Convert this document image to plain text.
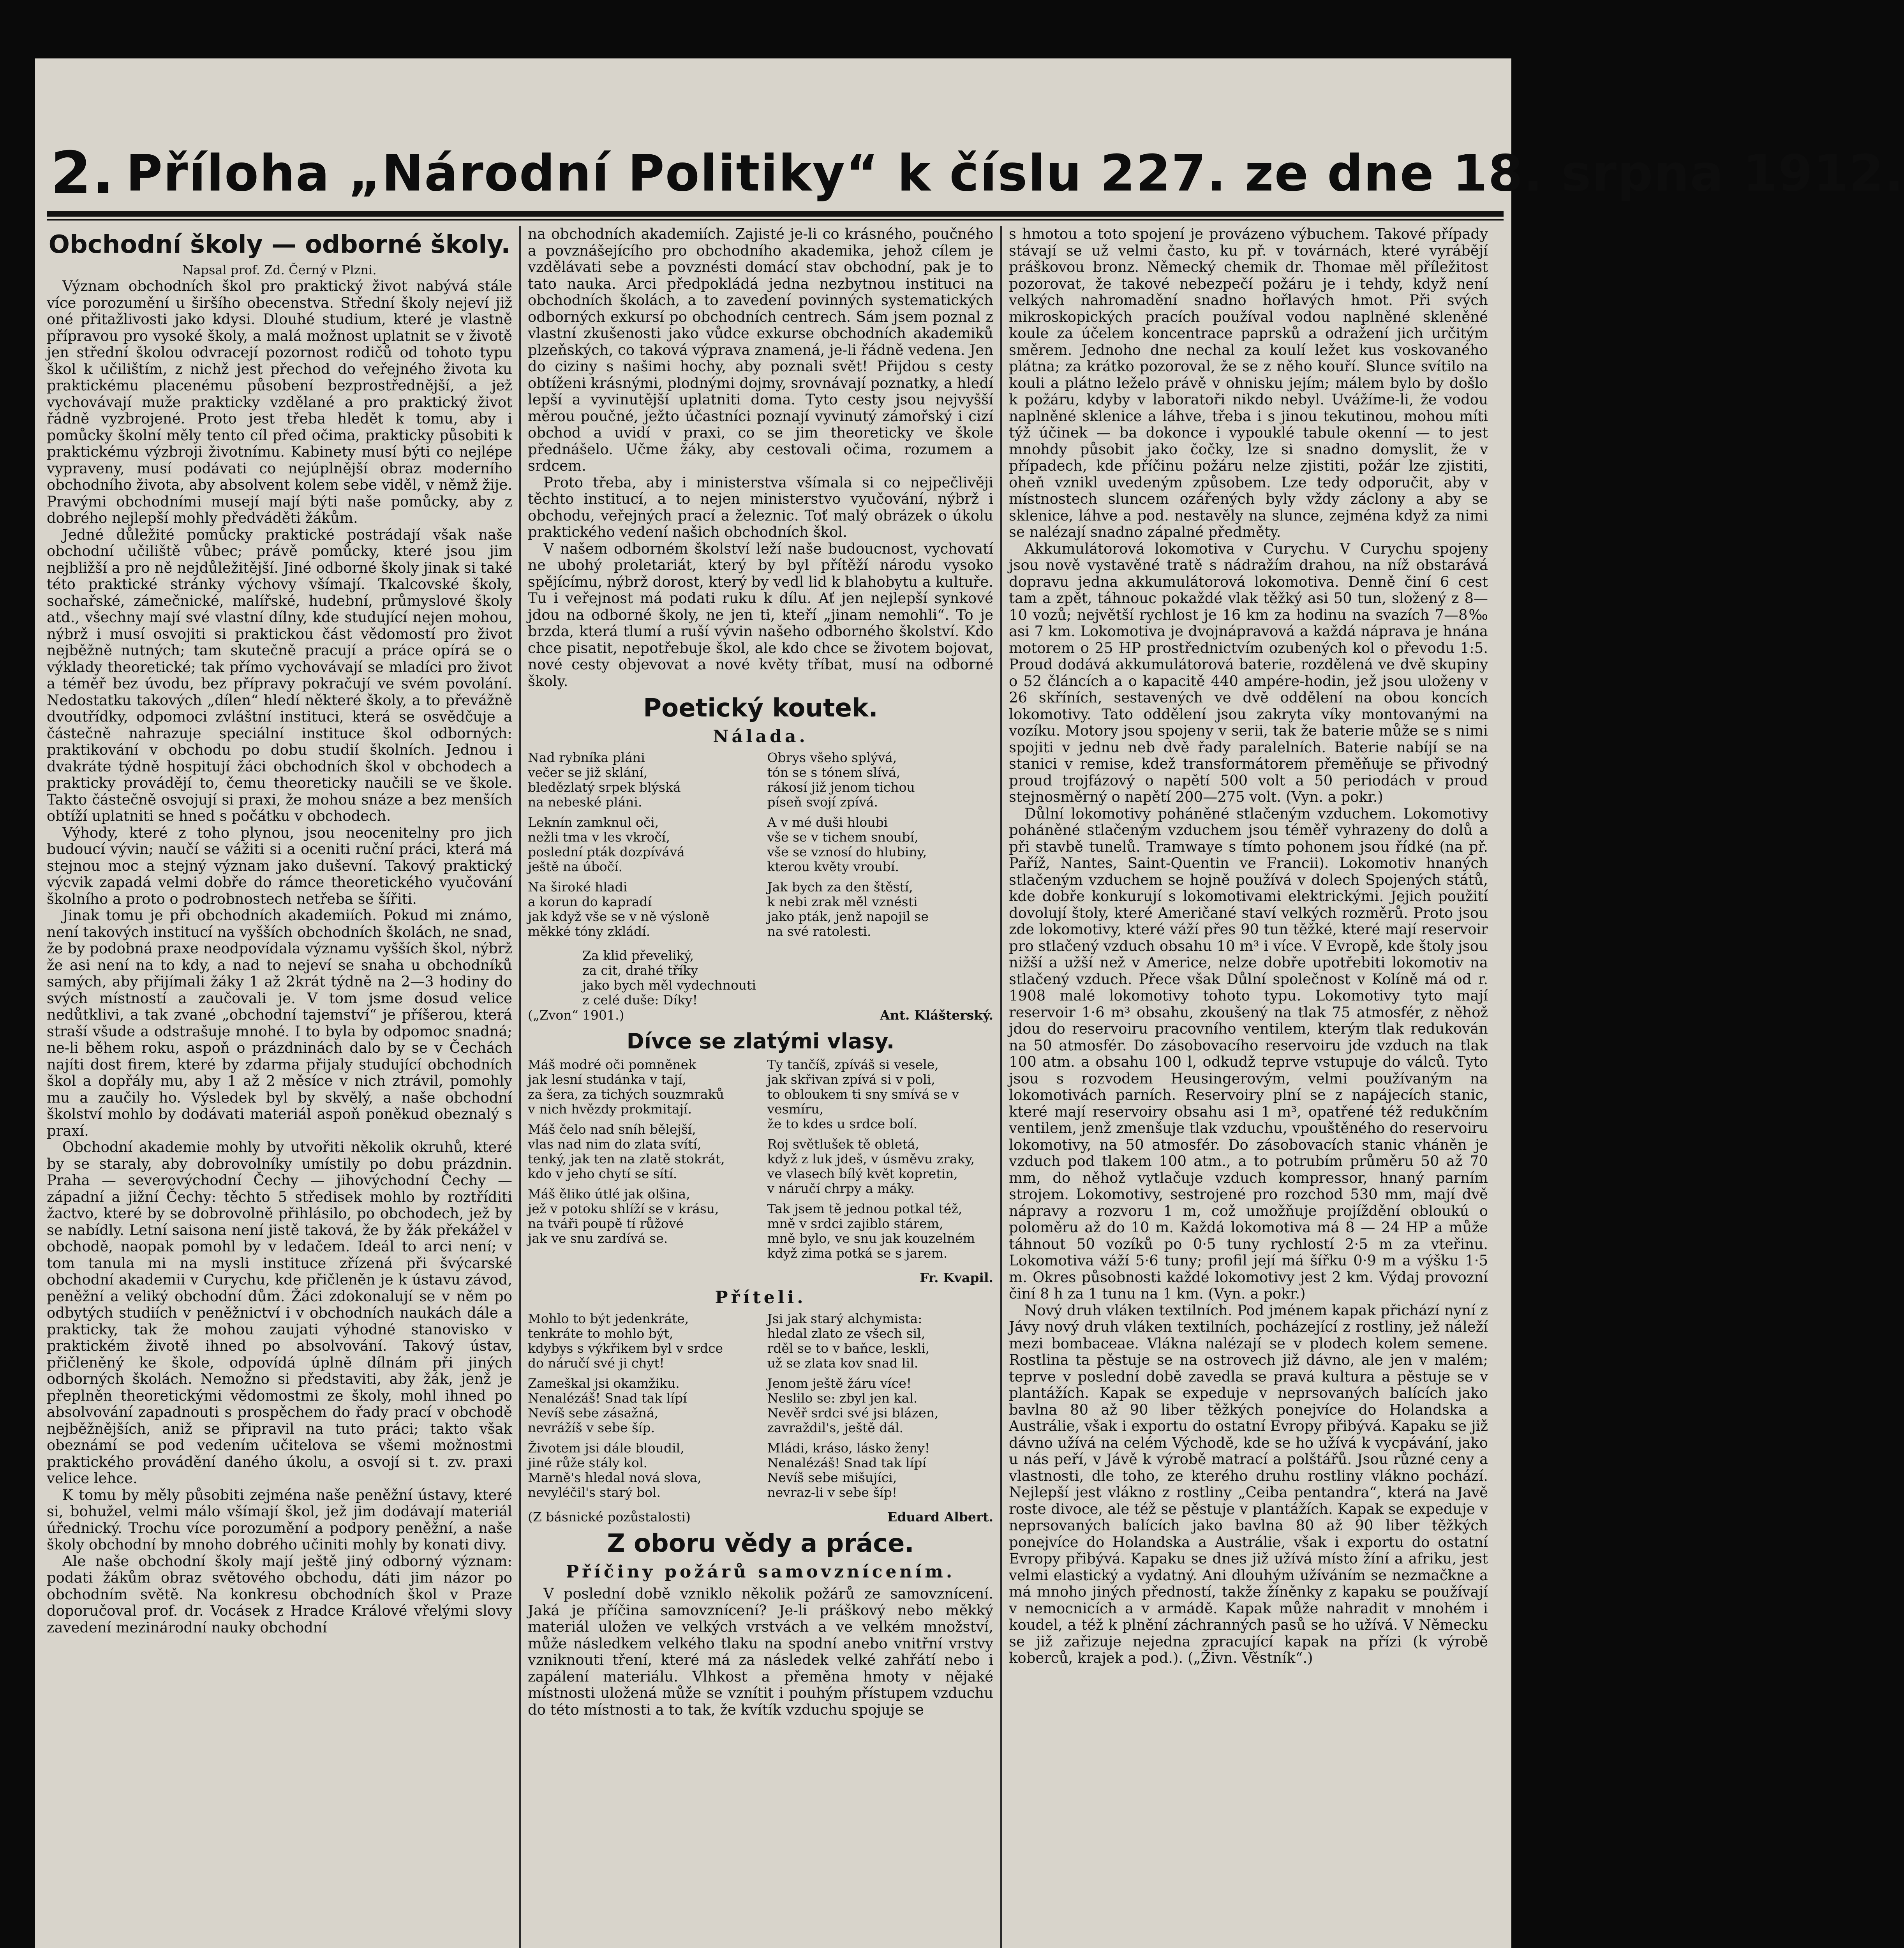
2. Příloha „Národní Politiky“ k číslu 227. ze dne 18. srpna 1912.
Obchodní školy — odborné školy.
Napsal prof. Zd. Černý v Plzni.

Význam obchodních škol pro praktický život nabývá stále více porozumění u širšího obecenstva. Střední školy nejeví již oné přitažlivosti jako kdysi. Dlouhé studium, které je vlastně přípravou pro vysoké školy, a malá možnost uplatnit se v životě jen střední školou odvracejí pozornost rodičů od tohoto typu škol k učilištím, z nichž jest přechod do veřejného života ku praktickému placenému působení bezprostřednější, a jež vychovávají muže prakticky vzdělané a pro praktický život řádně vyzbrojené. Proto jest třeba hledět k tomu, aby i pomůcky školní měly tento cíl před očima, prakticky působiti k praktickému výzbroji životnímu. Kabinety musí býti co nejlépe vypraveny, musí podávati co nejúplnější obraz moderního obchodního života, aby absolvent kolem sebe viděl, v němž žije. Pravými obchodními musejí mají býti naše pomůcky, aby z dobrého nejlepší mohly předváděti žákům.

Jedné důležité pomůcky praktické postrádají však naše obchodní učiliště vůbec; právě pomůcky, které jsou jim nejbližší a pro ně nejdůležitější. Jiné odborné školy jinak si také této praktické stránky výchovy všímají. Tkalcovské školy, sochařské, zámečnické, malířské, hudební, průmyslové školy atd., všechny mají své vlastní dílny, kde studující nejen mohou, nýbrž i musí osvojiti si praktickou část vědomostí pro život nejběžně nutných; tam skutečně pracují a práce opírá se o výklady theoretické; tak přímo vychovávají se mladíci pro život a téměř bez úvodu, bez přípravy pokračují ve svém povolání. Nedostatku takových „dílen“ hledí některé školy, a to převážně dvoutřídky, odpomoci zvláštní instituci, která se osvědčuje a částečně nahrazuje speciální instituce škol odborných: praktikování v obchodu po dobu studií školních. Jednou i dvakráte týdně hospitují žáci obchodních škol v obchodech a prakticky provádějí to, čemu theoreticky naučili se ve škole. Takto částečně osvojují si praxi, že mohou snáze a bez menších obtíží uplatniti se hned s počátku v obchodech.

Výhody, které z toho plynou, jsou neocenitelny pro jich budoucí vývin; naučí se vážiti si a oceniti ruční práci, která má stejnou moc a stejný význam jako duševní. Takový praktický výcvik zapadá velmi dobře do rámce theoretického vyučování školního a proto o podrobnostech netřeba se šířiti.

Jinak tomu je při obchodních akademiích. Pokud mi známo, není takových institucí na vyšších obchodních školách, ne snad, že by podobná praxe neodpovídala významu vyšších škol, nýbrž že asi není na to kdy, a nad to nejeví se snaha u obchodníků samých, aby přijímali žáky 1 až 2krát týdně na 2—3 hodiny do svých místností a zaučovali je. V tom jsme dosud velice nedůtklivi, a tak zvané „obchodní tajemství“ je příšerou, která straší všude a odstrašuje mnohé. I to byla by odpomoc snadná; ne-li během roku, aspoň o prázdninách dalo by se v Čechách najíti dost firem, které by zdarma přijaly studující obchodních škol a dopřály mu, aby 1 až 2 měsíce v nich ztrávil, pomohly mu a zaučily ho. Výsledek byl by skvělý, a naše obchodní školství mohlo by dodávati materiál aspoň poněkud obeznalý s praxí.

Obchodní akademie mohly by utvořiti několik okruhů, které by se staraly, aby dobrovolníky umístily po dobu prázdnin. Praha — severovýchodní Čechy — jihovýchodní Čechy — západní a jižní Čechy: těchto 5 středisek mohlo by roztříditi žactvo, které by se dobrovolně přihlásilo, po obchodech, jež by se nabídly. Letní saisona není jistě taková, že by žák překážel v obchodě, naopak pomohl by v ledačem. Ideál to arci není; v tom tanula mi na mysli instituce zřízená při švýcarské obchodní akademii v Curychu, kde přičleněn je k ústavu závod, peněžní a veliký obchodní dům. Žáci zdokonalují se v něm po odbytých studiích v peněžnictví i v obchodních naukách dále a prakticky, tak že mohou zaujati výhodné stanovisko v praktickém životě ihned po absolvování. Takový ústav, přičleněný ke škole, odpovídá úplně dílnám při jiných odborných školách. Nemožno si představiti, aby žák, jenž je přeplněn theoretickými vědomostmi ze školy, mohl ihned po absolvování zapadnouti s prospěchem do řady prací v obchodě nejběžnějších, aniž se připravil na tuto práci; takto však obeznámí se pod vedením učitelova se všemi možnostmi praktického provádění daného úkolu, a osvojí si t. zv. praxi velice lehce.

K tomu by měly působiti zejména naše peněžní ústavy, které si, bohužel, velmi málo všímají škol, jež jim dodávají materiál úřednický. Trochu více porozumění a podpory peněžní, a naše školy obchodní by mnoho dobrého učiniti mohly by konati divy.

Ale naše obchodní školy mají ještě jiný odborný význam: podati žákům obraz světového obchodu, dáti jim názor po obchodním světě. Na konkresu obchodních škol v Praze doporučoval prof. dr. Vocásek z Hradce Králové vřelými slovy zavedení mezinárodní nauky obchodní

na obchodních akademiích. Zajisté je-li co krásného, poučného a povznášejícího pro obchodního akademika, jehož cílem je vzdělávati sebe a povznésti domácí stav obchodní, pak je to tato nauka. Arci předpokládá jedna nezbytnou instituci na obchodních školách, a to zavedení povinných systematických odborných exkursí po obchodních centrech. Sám jsem poznal z vlastní zkušenosti jako vůdce exkurse obchodních akademiků plzeňských, co taková výprava znamená, je-li řádně vedena. Jen do ciziny s našimi hochy, aby poznali svět! Přijdou s cesty obtíženi krásnými, plodnými dojmy, srovnávají poznatky, a hledí lepší a vyvinutější uplatniti doma. Tyto cesty jsou nejvyšší měrou poučné, ježto účastníci poznají vyvinutý zámořský i cizí obchod a uvidí v praxi, co se jim theoreticky ve škole přednášelo. Učme žáky, aby cestovali očima, rozumem a srdcem.

Proto třeba, aby i ministerstva všímala si co nejpečlivěji těchto institucí, a to nejen ministerstvo vyučování, nýbrž i obchodu, veřejných prací a železnic. Toť malý obrázek o úkolu praktického vedení našich obchodních škol.

V našem odborném školství leží naše budoucnost, vychovatí ne ubohý proletariát, který by byl přítěží národu vysoko spějícímu, nýbrž dorost, který by vedl lid k blahobytu a kultuře. Tu i veřejnost má podati ruku k dílu. Ať jen nejlepší synkové jdou na odborné školy, ne jen ti, kteří „jinam nemohli“. To je brzda, která tlumí a ruší vývin našeho odborného školství. Kdo chce pisatit, nepotřebuje škol, ale kdo chce se životem bojovat, nové cesty objevovat a nové květy tříbat, musí na odborné školy.

Poetický koutek.
Nálada.
Nad rybníka pláni
večer se již sklání,
bledězlatý srpek blýská
na nebeské pláni.
Leknín zamknul oči,
nežli tma v les vkročí,
poslední pták dozpívává
ještě na úbočí.
Na široké hladi
a korun do kapradí
jak když vše se v ně výsloně
měkké tóny zkládí.
Obrys všeho splývá,
tón se s tónem slívá,
rákosí již jenom tichou
píseň svojí zpívá.
A v mé duši hloubi
vše se v tichem snoubí,
vše se vznosí do hlubiny,
kterou květy vroubí.
Jak bych za den štěstí,
k nebi zrak měl vznésti
jako pták, jenž napojil se
na své ratolesti.
Za klid převeliký,
za cit, drahé tříky
jako bych měl vydechnouti
z celé duše: Díky!
(„Zvon“ 1901.)	Ant. Klášterský.
Dívce se zlatými vlasy.
Máš modré oči pomněnek
jak lesní studánka v tají,
za šera, za tichých souzmraků
v nich hvězdy prokmitají.
Máš čelo nad sníh bělejší,
vlas nad nim do zlata svítí,
tenký, jak ten na zlatě stokrát,
kdo v jeho chytí se sítí.
Máš ěliko útlé jak olšina,
jež v potoku shlíží se v krásu,
na tváři poupě tí růžové
jak ve snu zardívá se.
Ty tančíš, zpíváš si vesele,
jak skřivan zpívá si v poli,
to obloukem ti sny smívá se v vesmíru,
že to kdes u srdce bolí.
Roj světlušek tě obletá,
když z luk jdeš, v úsměvu zraky,
ve vlasech bílý květ kopretin,
v náručí chrpy a máky.
Tak jsem tě jednou potkal též,
mně v srdci zajiblo stárem,
mně bylo, ve snu jak kouzelném
když zima potká se s jarem.
Fr. Kvapil.
Příteli.
Mohlo to být jedenkráte,
tenkráte to mohlo být,
kdybys s výkřikem byl v srdce
do náručí své ji chyt!
Zameškal jsi okamžiku.
Nenalézáš! Snad tak lípí
Nevíš sebe zásažná,
nevrážíš v sebe šíp.
Životem jsi dále bloudil,
jiné růže stály kol.
Marně's hledal nová slova,
nevyléčil's starý bol.
Jsi jak starý alchymista:
hledal zlato ze všech sil,
rděl se to v baňce, leskli,
už se zlata kov snad lil.
Jenom ještě žáru více!
Neslilo se: zbyl jen kal.
Nevěř srdci své jsi blázen,
zavraždil's, ještě dál.
Mládi, kráso, lásko ženy!
Nenalézáš! Snad tak lípí
Nevíš sebe mišujíci,
nevraz-li v sebe šíp!
(Z básnické pozůstalosti)	Eduard Albert.
Z oboru vědy a práce.
Příčiny požárů samovznícením.

V poslední době vzniklo několik požárů ze samovznícení. Jaká je příčina samovznícení? Je-li práškový nebo měkký materiál uložen ve velkých vrstvách a ve velkém množství, může následkem velkého tlaku na spodní anebo vnitřní vrstvy vzniknouti tření, které má za následek velké zahřátí nebo i zapálení materiálu. Vlhkost a přeměna hmoty v nějaké místnosti uložená může se vznítit i pouhým přístupem vzduchu do této místnosti a to tak, že kvítík vzduchu spojuje se

s hmotou a toto spojení je provázeno výbuchem. Takové případy stávají se už velmi často, ku př. v továrnách, které vyrábějí práškovou bronz. Německý chemik dr. Thomae měl příležitost pozorovat, že takové nebezpečí požáru je i tehdy, když není velkých nahromadění snadno hořlavých hmot. Při svých mikroskopických pracích používal vodou naplněné skleněné koule za účelem koncentrace paprsků a odražení jich určitým směrem. Jednoho dne nechal za koulí ležet kus voskovaného plátna; za krátko pozoroval, že se z něho kouří. Slunce svítilo na kouli a plátno leželo právě v ohnisku jejím; málem bylo by došlo k požáru, kdyby v laboratoři nikdo nebyl. Uvážíme-li, že vodou naplněné sklenice a láhve, třeba i s jinou tekutinou, mohou míti týž účinek — ba dokonce i vypouklé tabule okenní — to jest mnohdy působit jako čočky, lze si snadno domyslit, že v případech, kde příčinu požáru nelze zjistiti, požár lze zjistiti, oheň vznikl uvedeným způsobem. Lze tedy odporučit, aby v místnostech sluncem ozářených byly vždy záclony a aby se sklenice, láhve a pod. nestavěly na slunce, zejména když za nimi se nalézají snadno zápalné předměty.

Akkumulátorová lokomotiva v Curychu. V Curychu spojeny jsou nově vystavěné tratě s nádražím drahou, na níž obstarává dopravu jedna akkumulátorová lokomotiva. Denně činí 6 cest tam a zpět, táhnouc pokaždé vlak těžký asi 50 tun, složený z 8—10 vozů; největší rychlost je 16 km za hodinu na svazích 7—8‰ asi 7 km. Lokomotiva je dvojnápravová a každá náprava je hnána motorem o 25 HP prostřednictvím ozubených kol o převodu 1:5. Proud dodává akkumulátorová baterie, rozdělená ve dvě skupiny o 52 článcích a o kapacitě 440 ampére-hodin, jež jsou uloženy v 26 skříních, sestavených ve dvě oddělení na obou koncích lokomotivy. Tato oddělení jsou zakryta víky montovanými na vozíku. Motory jsou spojeny v serii, tak že baterie může se s nimi spojiti v jednu neb dvě řady paralelních. Baterie nabíjí se na stanici v remise, kdež transformátorem přeměňuje se přivodný proud trojfázový o napětí 500 volt a 50 periodách v proud stejnosměrný o napětí 200—275 volt. (Vyn. a pokr.)

Důlní lokomotivy poháněné stlačeným vzduchem. Lokomotivy poháněné stlačeným vzduchem jsou téměř vyhrazeny do dolů a při stavbě tunelů. Tramwaye s tímto pohonem jsou řídké (na př. Paříž, Nantes, Saint-Quentin ve Francii). Lokomotiv hnaných stlačeným vzduchem se hojně používá v dolech Spojených států, kde dobře konkurují s lokomotivami elektrickými. Jejich použití dovolují štoly, které Američané staví velkých rozměrů. Proto jsou zde lokomotivy, které váží přes 90 tun těžké, které mají reservoir pro stlačený vzduch obsahu 10 m³ i více. V Evropě, kde štoly jsou nižší a užší než v Americe, nelze dobře upotřebiti lokomotiv na stlačený vzduch. Přece však Důlní společnost v Kolíně má od r. 1908 malé lokomotivy tohoto typu. Lokomotivy tyto mají reservoir 1·6 m³ obsahu, zkoušený na tlak 75 atmosfér, z něhož jdou do reservoiru pracovního ventilem, kterým tlak redukován na 50 atmosfér. Do zásobovacího reservoiru jde vzduch na tlak 100 atm. a obsahu 100 l, odkudž teprve vstupuje do válců. Tyto jsou s rozvodem Heusingerovým, velmi používaným na lokomotivách parních. Reservoiry plní se z napájecích stanic, které mají reservoiry obsahu asi 1 m³, opatřené též redukčním ventilem, jenž zmenšuje tlak vzduchu, vpouštěného do reservoiru lokomotivy, na 50 atmosfér. Do zásobovacích stanic vháněn je vzduch pod tlakem 100 atm., a to potrubím průměru 50 až 70 mm, do něhož vytlačuje vzduch kompressor, hnaný parním strojem. Lokomotivy, sestrojené pro rozchod 530 mm, mají dvě nápravy a rozvoru 1 m, což umožňuje projíždění obloukú o poloměru až do 10 m. Každá lokomotiva má 8 — 24 HP a může táhnout 50 vozíků po 0·5 tuny rychlostí 2·5 m za vteřinu. Lokomotiva váží 5·6 tuny; profil její má šířku 0·9 m a výšku 1·5 m. Okres působnosti každé lokomotivy jest 2 km. Výdaj provozní činí 8 h za 1 tunu na 1 km. (Vyn. a pokr.)

Nový druh vláken textilních. Pod jménem kapak přichází nyní z Jávy nový druh vláken textilních, pocházející z rostliny, jež náleží mezi bombaceae. Vlákna nalézají se v plodech kolem semene. Rostlina ta pěstuje se na ostrovech již dávno, ale jen v malém; teprve v poslední době zavedla se pravá kultura a pěstuje se v plantážích. Kapak se expeduje v neprsovaných balících jako bavlna 80 až 90 liber těžkých ponejvíce do Holandska a Austrálie, však i exportu do ostatní Evropy přibývá. Kapaku se již dávno užívá na celém Východě, kde se ho užívá k vycpávání, jako u nás peří, v Jávě k výrobě matrací a polštářů. Jsou různé ceny a vlastnosti, dle toho, ze kterého druhu rostliny vlákno pochází. Nejlepší jest vlákno z rostliny „Ceiba pentandra“, která na Javě roste divoce, ale též se pěstuje v plantážích. Kapak se expeduje v neprsovaných balících jako bavlna 80 až 90 liber těžkých ponejvíce do Holandska a Austrálie, však i exportu do ostatní Evropy přibývá. Kapaku se dnes již užívá místo žíní a afriku, jest velmi elastický a vydatný. Ani dlouhým užíváním se nezmačkne a má mnoho jiných předností, takže žíněnky z kapaku se používají v nemocnicích a v armádě. Kapak může nahradit v mnohém i koudel, a též k plnění záchranných pasů se ho užívá. V Německu se již zařizuje nejedna zpracující kapak na přízi (k výrobě koberců, krajek a pod.). („Živn. Věstník“.)
